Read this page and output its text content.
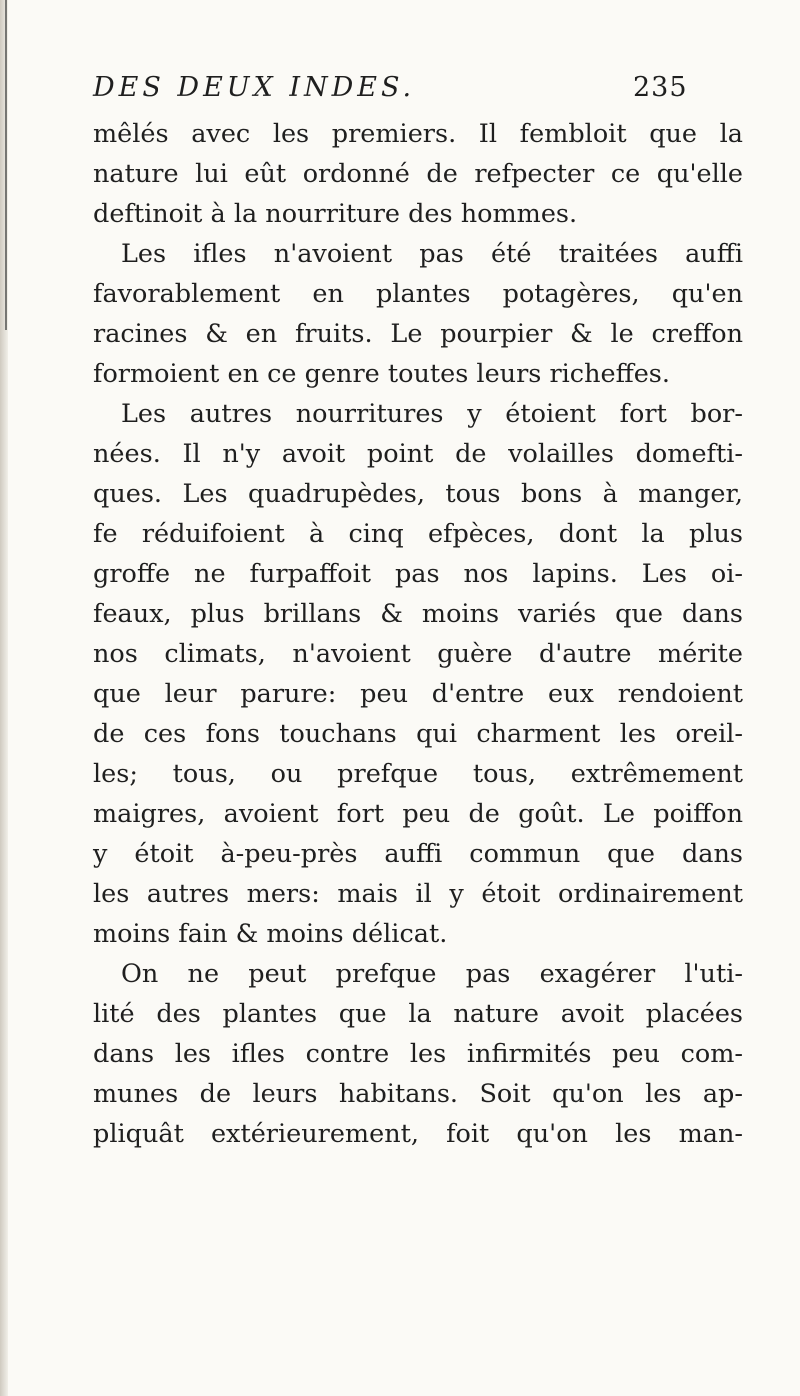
DES DEUX INDES.	235
mêlés avec les premiers. Il fembloit que la
nature lui eût ordonné de refpecter ce qu'elle
deftinoit à la nourriture des hommes.
Les ifles n'avoient pas été traitées auffi
favorablement en plantes potagères, qu'en
racines & en fruits. Le pourpier & le creffon
formoient en ce genre toutes leurs richeffes.
Les autres nourritures y étoient fort bor-
nées. Il n'y avoit point de volailles domefti-
ques. Les quadrupèdes, tous bons à manger,
fe réduifoient à cinq efpèces, dont la plus
groffe ne furpaffoit pas nos lapins. Les oi-
feaux, plus brillans & moins variés que dans
nos climats, n'avoient guère d'autre mérite
que leur parure: peu d'entre eux rendoient
de ces fons touchans qui charment les oreil-
les; tous, ou prefque tous, extrêmement
maigres, avoient fort peu de goût. Le poiffon
y étoit à-peu-près auffi commun que dans
les autres mers: mais il y étoit ordinairement
moins fain & moins délicat.
On ne peut prefque pas exagérer l'uti-
lité des plantes que la nature avoit placées
dans les ifles contre les infirmités peu com-
munes de leurs habitans. Soit qu'on les ap-
pliquât extérieurement, foit qu'on les man-
